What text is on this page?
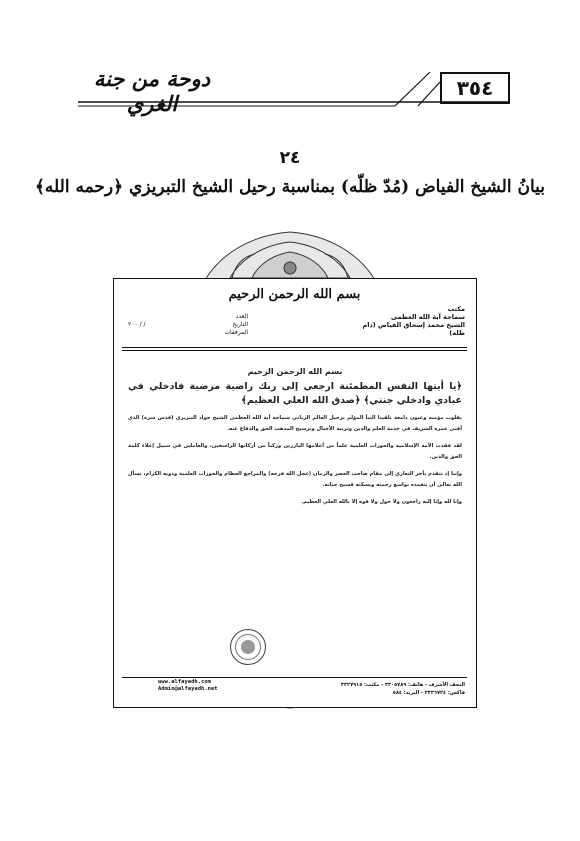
دوحة من جنة الغري
٣٥٤
٢٤
بيانُ الشيخ الفياض (مُدّ ظلّه) بمناسبة رحيل الشيخ التبريزي ﴿رحمه الله﴾
بسم الله الرحمن الرحيم
مكتب
سماحة آية الله العظمى
الشيخ محمد إسحاق الفياض (دام ظله)
العدد
التاريخ
/ / ٢٠٠
المرفقات
بسم الله الرحمن الرحيم
﴿يا أيتها النفس المطمئنة ارجعي إلى ربك راضية مرضية فادخلي في عبادي وادخلي جنتي﴾ ﴿صدق الله العلي العظيم﴾
بقلوب مؤمنة وعيون دامعة تلقينا النبأ المؤلم برحيل العالم الرباني سماحة آية الله العظمى الشيخ جواد التبريزي (قدس سره) الذي أفنى عمره الشريف في خدمة العلم والدين وتربية الأجيال وترسيخ المذهب الحق والدفاع عنه.
لقد فقدت الأمة الإسلامية والحوزات العلمية علماً من أعلامها البارزين وركناً من أركانها الراسخين، والعاملين في سبيل إعلاء كلمة الحق والدين.
وإننا إذ نتقدم بأحر التعازي إلى مقام صاحب العصر والزمان (عجل الله فرجه) والمراجع العظام والحوزات العلمية وذويه الكرام، نسأل الله تعالى أن يتغمده بواسع رحمته ويسكنه فسيح جناته.
وإنا لله وإنا إليه راجعون ولا حول ولا قوة إلا بالله العلي العظيم.
www.alfayadh.com
Admin@alfayadh.net
النجف الأشرف - هاتف: ٣٣٠٥٧٨٩ - مكتب: ٣٣٢٧٩١٥
فاكس: ٣٣٣٦٧٢٤ - البريد: ٥٨٤
